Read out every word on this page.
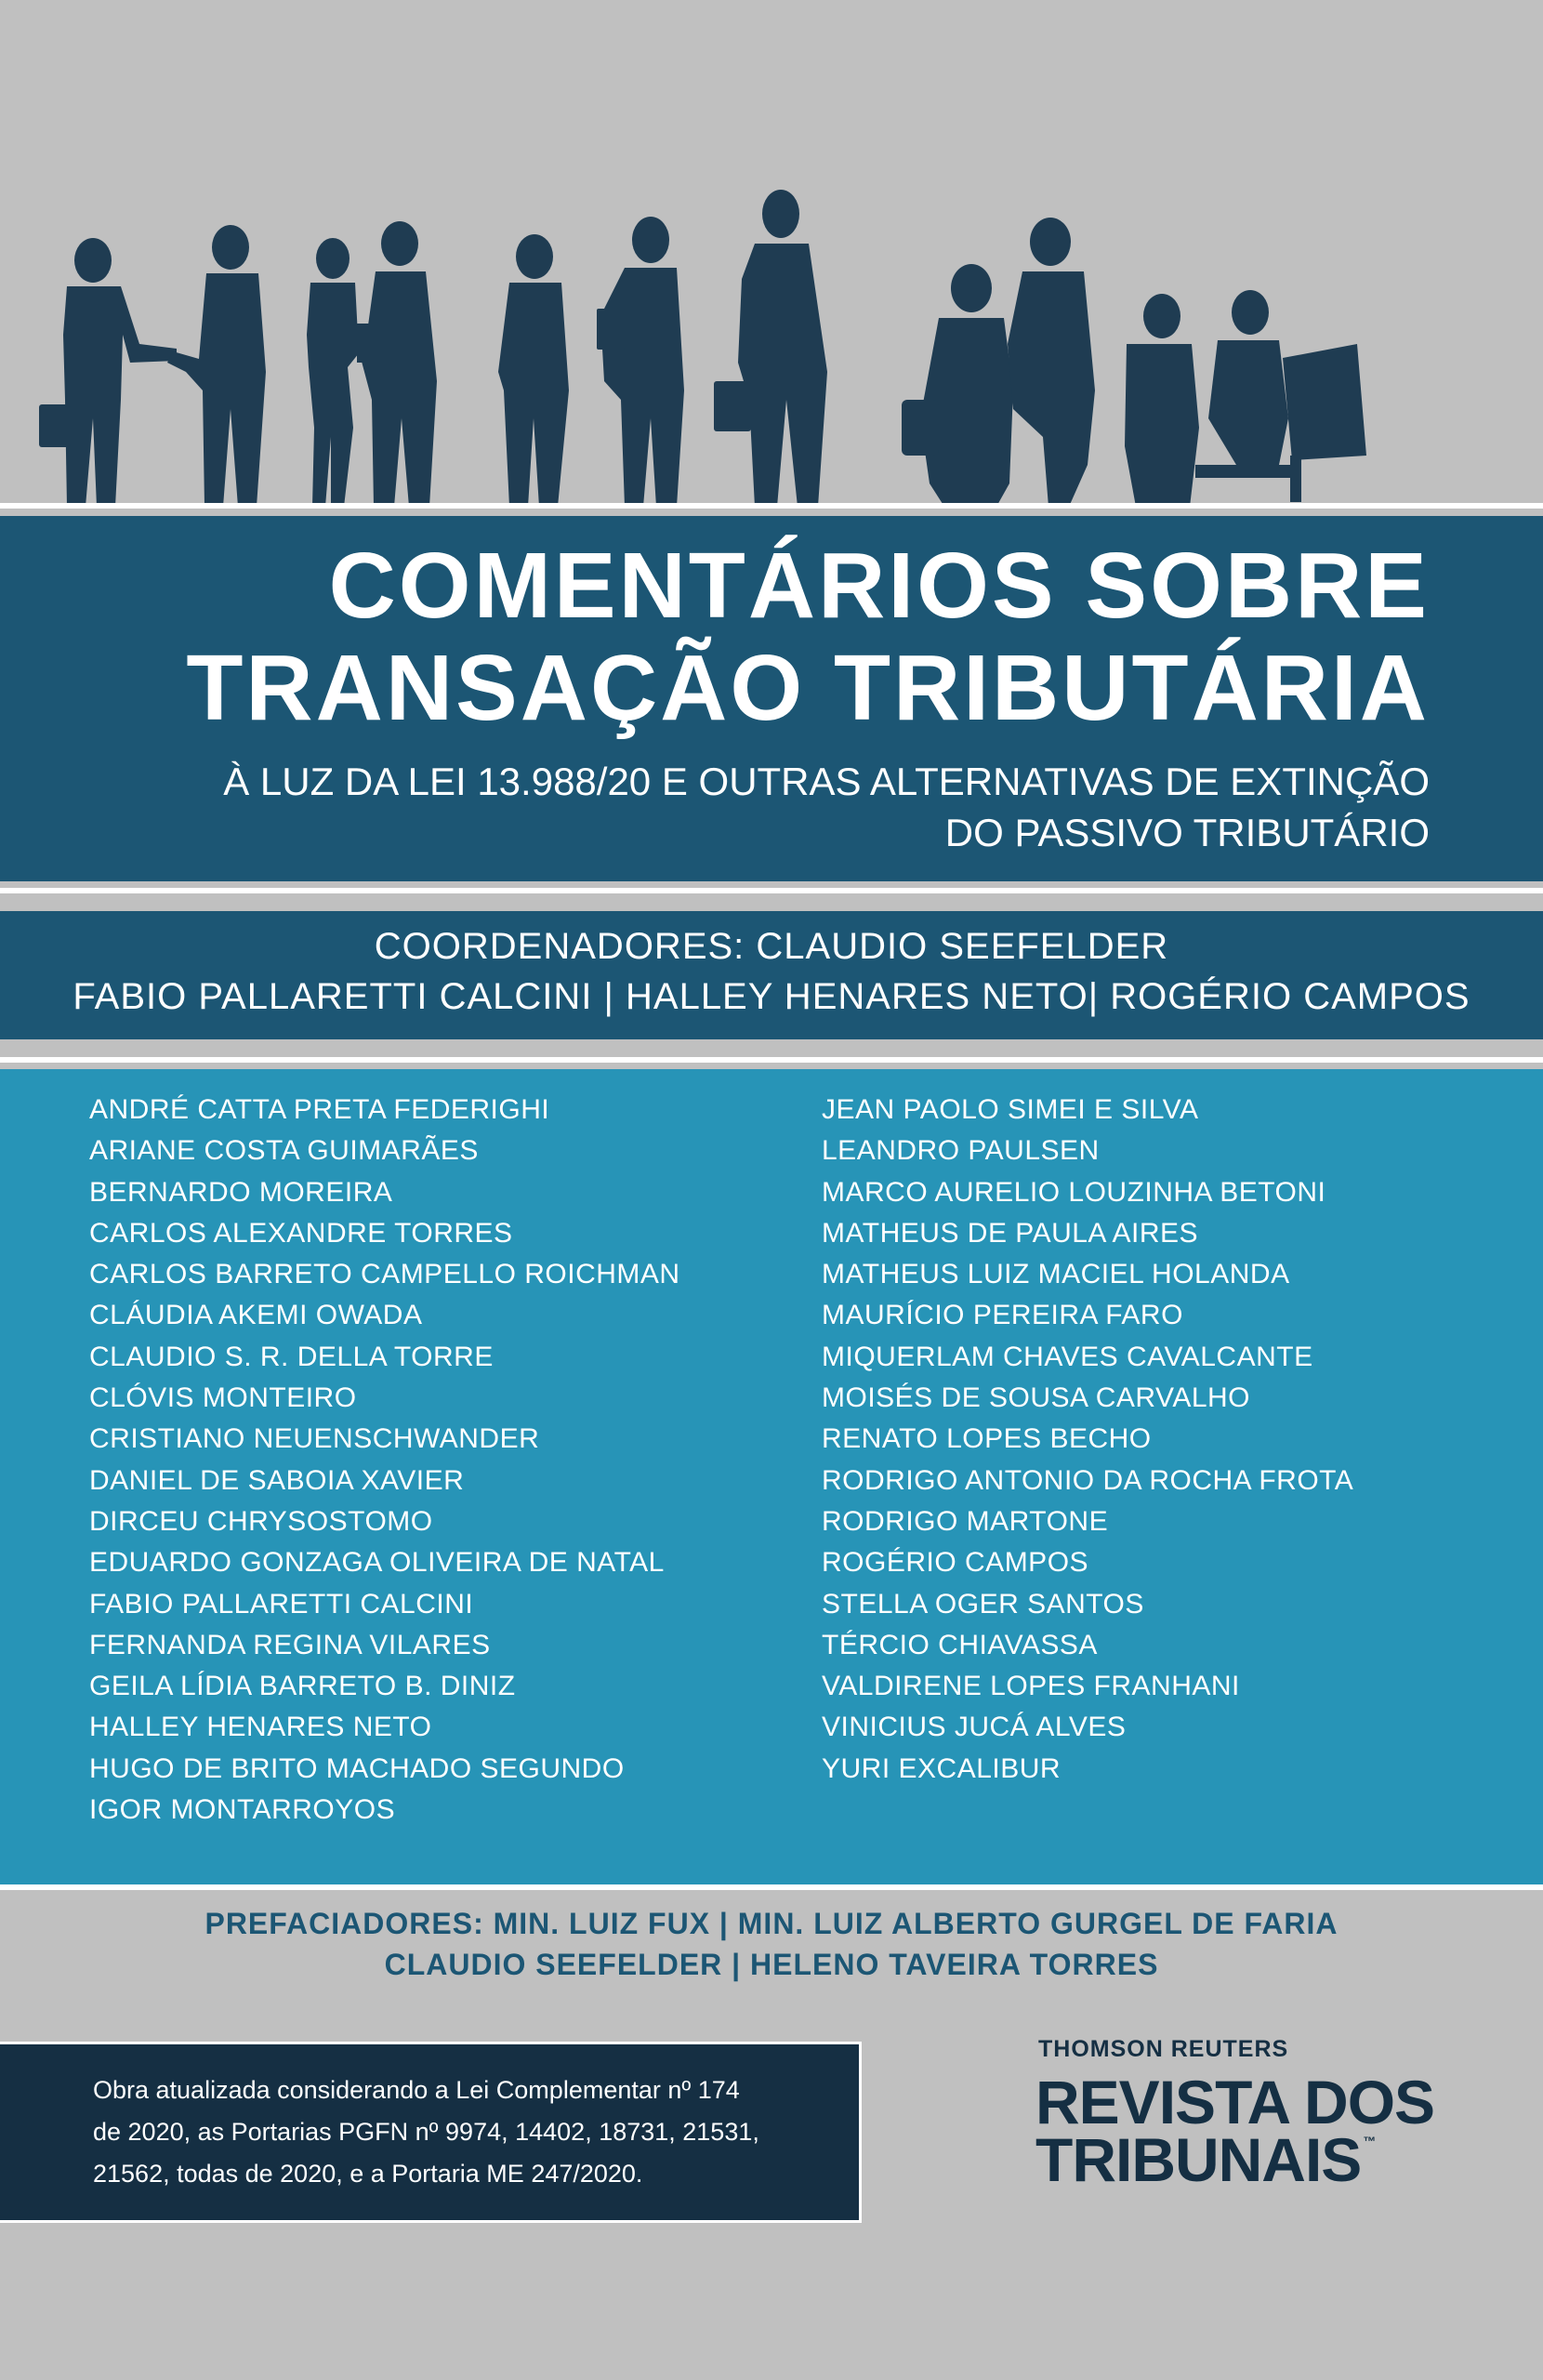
COMENTÁRIOS SOBRE
TRANSAÇÃO TRIBUTÁRIA

À LUZ DA LEI 13.988/20 E OUTRAS ALTERNATIVAS DE EXTINÇÃO

DO PASSIVO TRIBUTÁRIO

COORDENADORES: CLAUDIO SEEFELDER

FABIO PALLARETTI CALCINI | HALLEY HENARES NETO| ROGÉRIO CAMPOS

ANDRÉ CATTA PRETA FEDERIGHI
ARIANE COSTA GUIMARÃES
BERNARDO MOREIRA
CARLOS ALEXANDRE TORRES
CARLOS BARRETO CAMPELLO ROICHMAN
CLÁUDIA AKEMI OWADA
CLAUDIO S. R. DELLA TORRE
CLÓVIS MONTEIRO
CRISTIANO NEUENSCHWANDER
DANIEL DE SABOIA XAVIER
DIRCEU CHRYSOSTOMO
EDUARDO GONZAGA OLIVEIRA DE NATAL
FABIO PALLARETTI CALCINI
FERNANDA REGINA VILARES
GEILA LÍDIA BARRETO B. DINIZ
HALLEY HENARES NETO
HUGO DE BRITO MACHADO SEGUNDO
IGOR MONTARROYOS
JEAN PAOLO SIMEI E SILVA
LEANDRO PAULSEN
MARCO AURELIO LOUZINHA BETONI
MATHEUS DE PAULA AIRES
MATHEUS LUIZ MACIEL HOLANDA
MAURÍCIO PEREIRA FARO
MIQUERLAM CHAVES CAVALCANTE
MOISÉS DE SOUSA CARVALHO
RENATO LOPES BECHO
RODRIGO ANTONIO DA ROCHA FROTA
RODRIGO MARTONE
ROGÉRIO CAMPOS
STELLA OGER SANTOS
TÉRCIO CHIAVASSA
VALDIRENE LOPES FRANHANI
VINICIUS JUCÁ ALVES
YURI EXCALIBUR

PREFACIADORES: MIN. LUIZ FUX | MIN. LUIZ ALBERTO GURGEL DE FARIA

CLAUDIO SEEFELDER | HELENO TAVEIRA TORRES

Obra atualizada considerando a Lei Complementar nº 174

de 2020, as Portarias PGFN nº 9974, 14402, 18731, 21531,

21562, todas de 2020, e a Portaria ME 247/2020.

THOMSON REUTERS

REVISTA DOS

TRIBUNAIS ™
